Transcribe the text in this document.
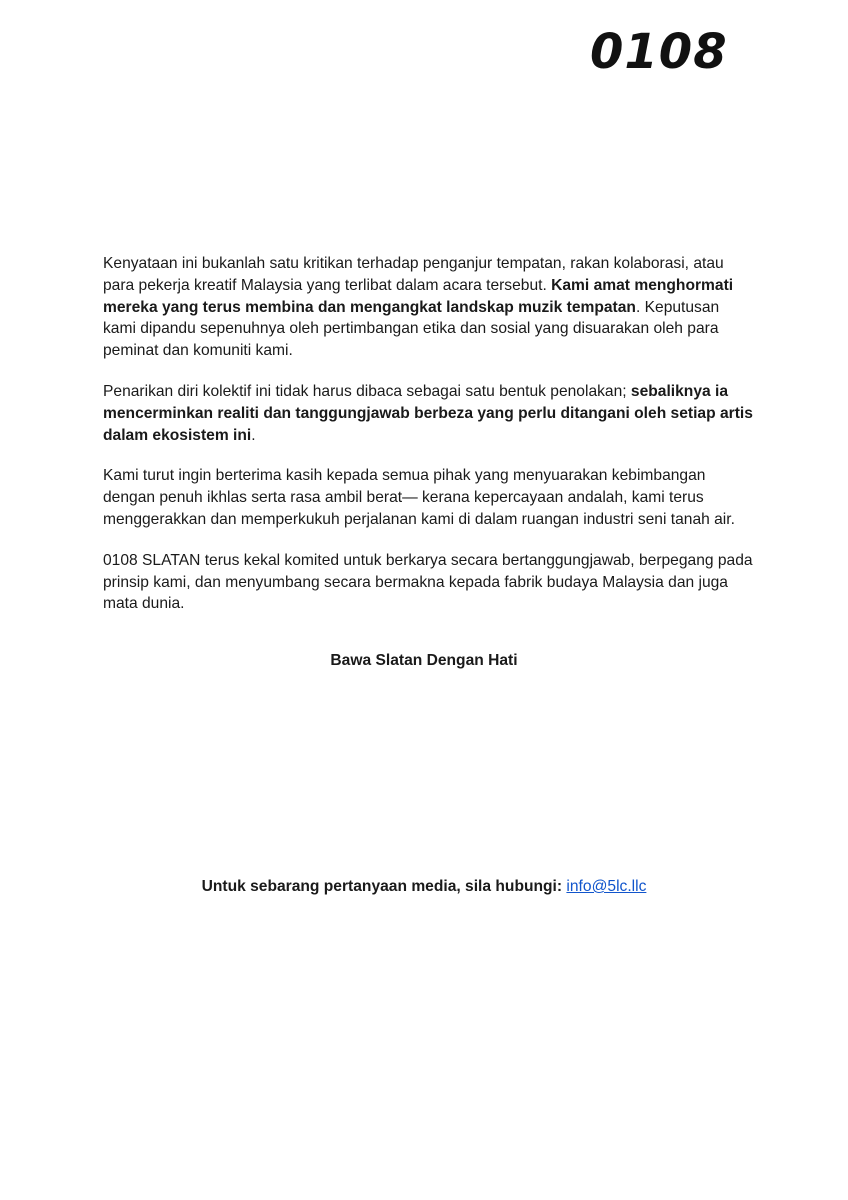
0108

Kenyataan ini bukanlah satu kritikan terhadap penganjur tempatan, rakan kolaborasi, atau para pekerja kreatif Malaysia yang terlibat dalam acara tersebut. Kami amat menghormati mereka yang terus membina dan mengangkat landskap muzik tempatan. Keputusan kami dipandu sepenuhnya oleh pertimbangan etika dan sosial yang disuarakan oleh para peminat dan komuniti kami.

Penarikan diri kolektif ini tidak harus dibaca sebagai satu bentuk penolakan; sebaliknya ia mencerminkan realiti dan tanggungjawab berbeza yang perlu ditangani oleh setiap artis dalam ekosistem ini.

Kami turut ingin berterima kasih kepada semua pihak yang menyuarakan kebimbangan dengan penuh ikhlas serta rasa ambil berat— kerana kepercayaan andalah, kami terus menggerakkan dan memperkukuh perjalanan kami di dalam ruangan industri seni tanah air.

0108 SLATAN terus kekal komited untuk berkarya secara bertanggungjawab, berpegang pada prinsip kami, dan menyumbang secara bermakna kepada fabrik budaya Malaysia dan juga mata dunia.

Bawa Slatan Dengan Hati
Untuk sebarang pertanyaan media, sila hubungi: info@5lc.llc
